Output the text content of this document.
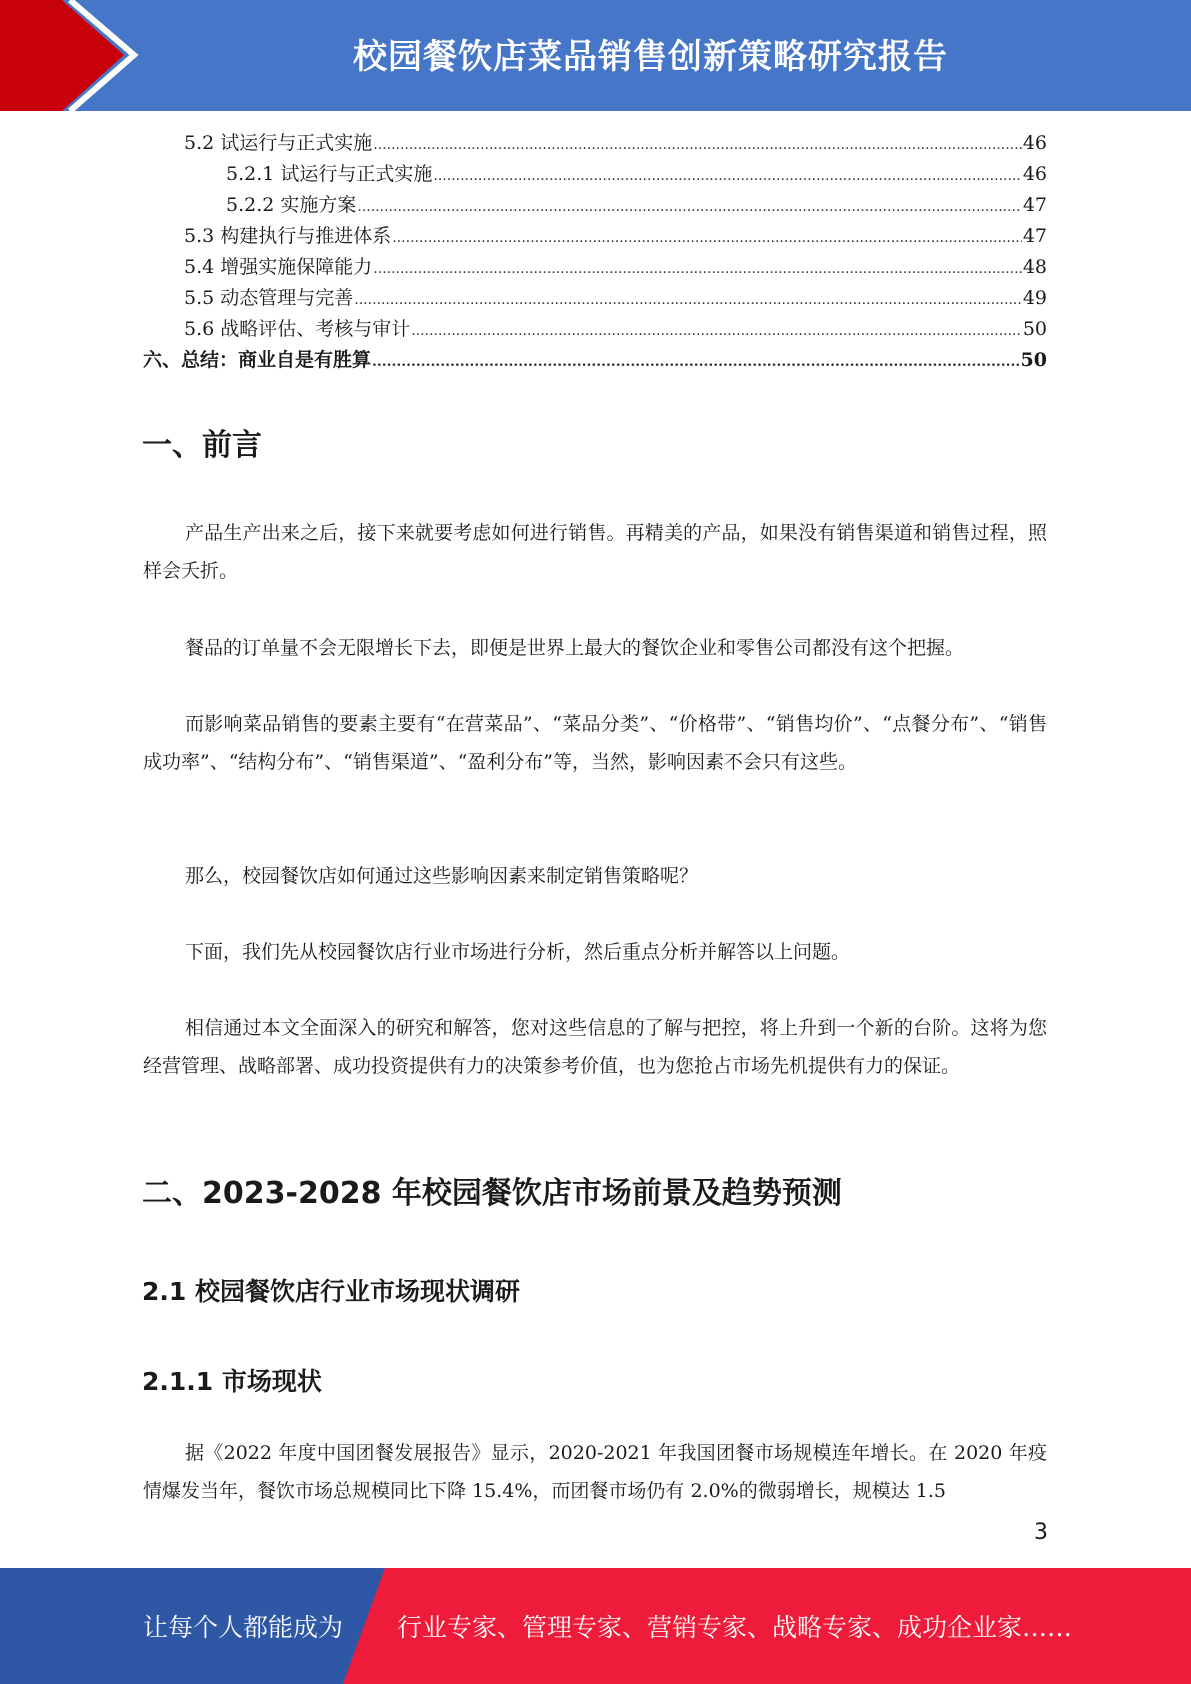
校园餐饮店菜品销售创新策略研究报告
5.2 试运行与正式实施 .....	46
5.2.1 试运行与正式实施 .....	46
5.2.2 实施方案 .....	47
5.3 构建执行与推进体系 .....	47
5.4 增强实施保障能力 .....	48
5.5 动态管理与完善 .....	49
5.6 战略评估、考核与审计 .....	50
六、总结：商业自是有胜算 .....	50
一、前言

产品生产出来之后，接下来就要考虑如何进行销售。再精美的产品，如果没有销售渠道和销售过程，照样会夭折。

餐品的订单量不会无限增长下去，即便是世界上最大的餐饮企业和零售公司都没有这个把握。

而影响菜品销售的要素主要有“在营菜品”、“菜品分类”、“价格带”、“销售均价”、“点餐分布”、“销售成功率”、“结构分布”、“销售渠道”、“盈利分布”等，当然，影响因素不会只有这些。

那么，校园餐饮店如何通过这些影响因素来制定销售策略呢？

下面，我们先从校园餐饮店行业市场进行分析，然后重点分析并解答以上问题。

相信通过本文全面深入的研究和解答，您对这些信息的了解与把控，将上升到一个新的台阶。这将为您经营管理、战略部署、成功投资提供有力的决策参考价值，也为您抢占市场先机提供有力的保证。

二、2023-2028 年校园餐饮店市场前景及趋势预测
2.1 校园餐饮店行业市场现状调研
2.1.1 市场现状

据《2022 年度中国团餐发展报告》显示，2020-2021 年我国团餐市场规模连年增长。在 2020 年疫情爆发当年，餐饮市场总规模同比下降 15.4%，而团餐市场仍有 2.0%的微弱增长，规模达 1.5

3
让每个人都能成为 行业专家、管理专家、营销专家、战略专家、成功企业家……
